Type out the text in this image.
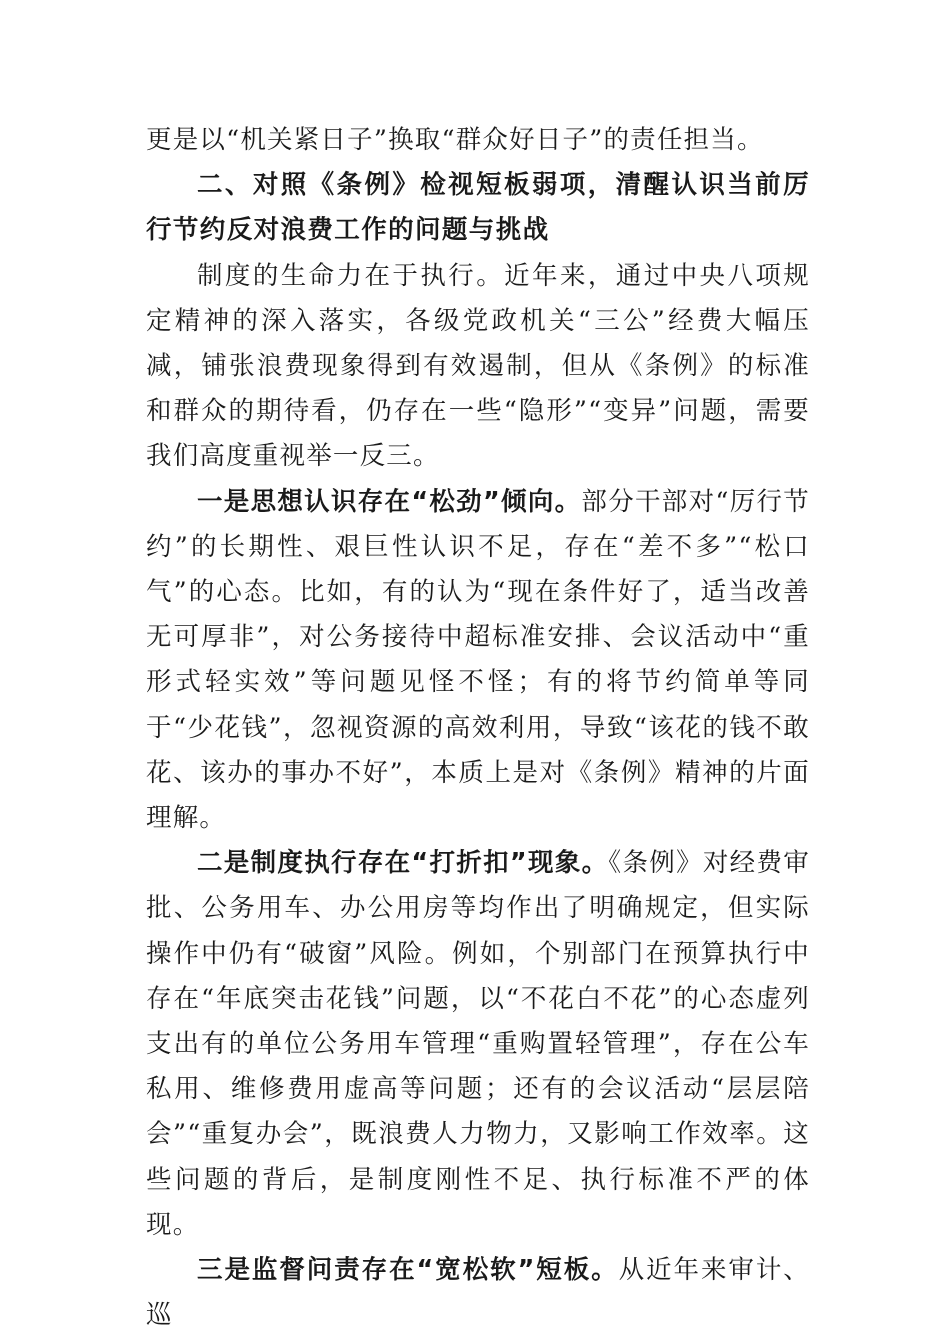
更是以“机关紧日子”换取“群众好日子”的责任担当。

二、对照《条例》检视短板弱项，清醒认识当前厉行节约反对浪费工作的问题与挑战

制度的生命力在于执行。近年来，通过中央八项规定精神的深入落实，各级党政机关“三公”经费大幅压减，铺张浪费现象得到有效遏制，但从《条例》的标准和群众的期待看，仍存在一些“隐形”“变异”问题，需要我们高度重视举一反三。

一是思想认识存在“松劲”倾向。部分干部对“厉行节约”的长期性、艰巨性认识不足，存在“差不多”“松口气”的心态。比如，有的认为“现在条件好了，适当改善无可厚非”，对公务接待中超标准安排、会议活动中“重形式轻实效”等问题见怪不怪；有的将节约简单等同于“少花钱”，忽视资源的高效利用，导致“该花的钱不敢花、该办的事办不好”，本质上是对《条例》精神的片面理解。

二是制度执行存在“打折扣”现象。《条例》对经费审批、公务用车、办公用房等均作出了明确规定，但实际操作中仍有“破窗”风险。例如，个别部门在预算执行中存在“年底突击花钱”问题，以“不花白不花”的心态虚列支出有的单位公务用车管理“重购置轻管理”，存在公车私用、维修费用虚高等问题；还有的会议活动“层层陪会”“重复办会”，既浪费人力物力，又影响工作效率。这些问题的背后，是制度刚性不足、执行标准不严的体现。

三是监督问责存在“宽松软”短板。从近年来审计、巡
